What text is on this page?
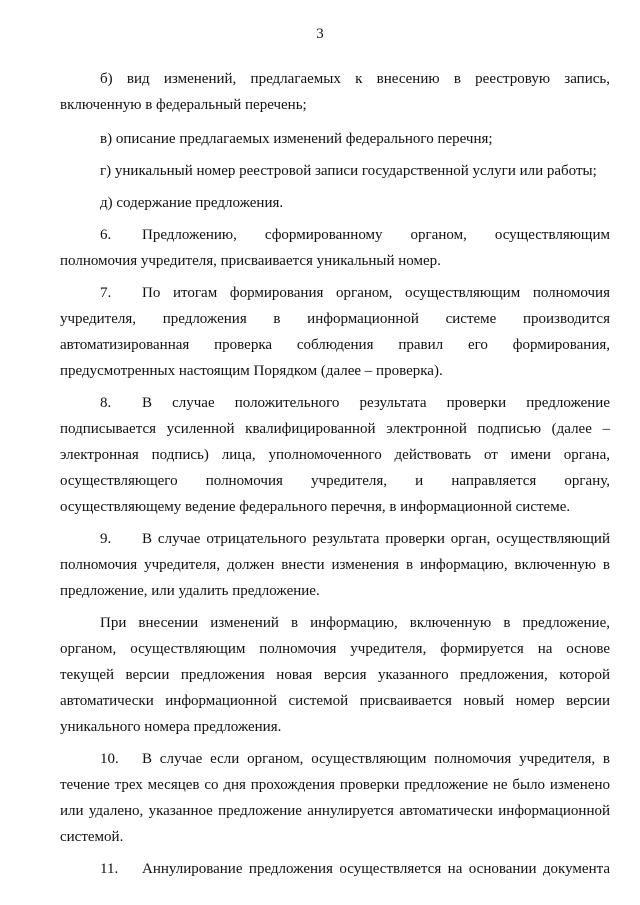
3
б) вид изменений, предлагаемых к внесению в реестровую запись,
включенную в федеральный перечень;
в) описание предлагаемых изменений федерального перечня;
г) уникальный номер реестровой записи государственной услуги или работы;
д) содержание предложения.
6. Предложению, сформированному органом, осуществляющим
полномочия учредителя, присваивается уникальный номер.
7. По итогам формирования органом, осуществляющим полномочия
учредителя, предложения в информационной системе производится
автоматизированная проверка соблюдения правил его формирования,
предусмотренных настоящим Порядком (далее – проверка).
8. В случае положительного результата проверки предложение
подписывается усиленной квалифицированной электронной подписью (далее –
электронная подпись) лица, уполномоченного действовать от имени органа,
осуществляющего полномочия учредителя, и направляется органу,
осуществляющему ведение федерального перечня, в информационной системе.
9. В случае отрицательного результата проверки орган, осуществляющий
полномочия учредителя, должен внести изменения в информацию, включенную в
предложение, или удалить предложение.
При внесении изменений в информацию, включенную в предложение,
органом, осуществляющим полномочия учредителя, формируется на основе
текущей версии предложения новая версия указанного предложения, которой
автоматически информационной системой присваивается новый номер версии
уникального номера предложения.
10. В случае если органом, осуществляющим полномочия учредителя, в
течение трех месяцев со дня прохождения проверки предложение не было изменено
или удалено, указанное предложение аннулируется автоматически информационной
системой.
11. Аннулирование предложения осуществляется на основании документа
